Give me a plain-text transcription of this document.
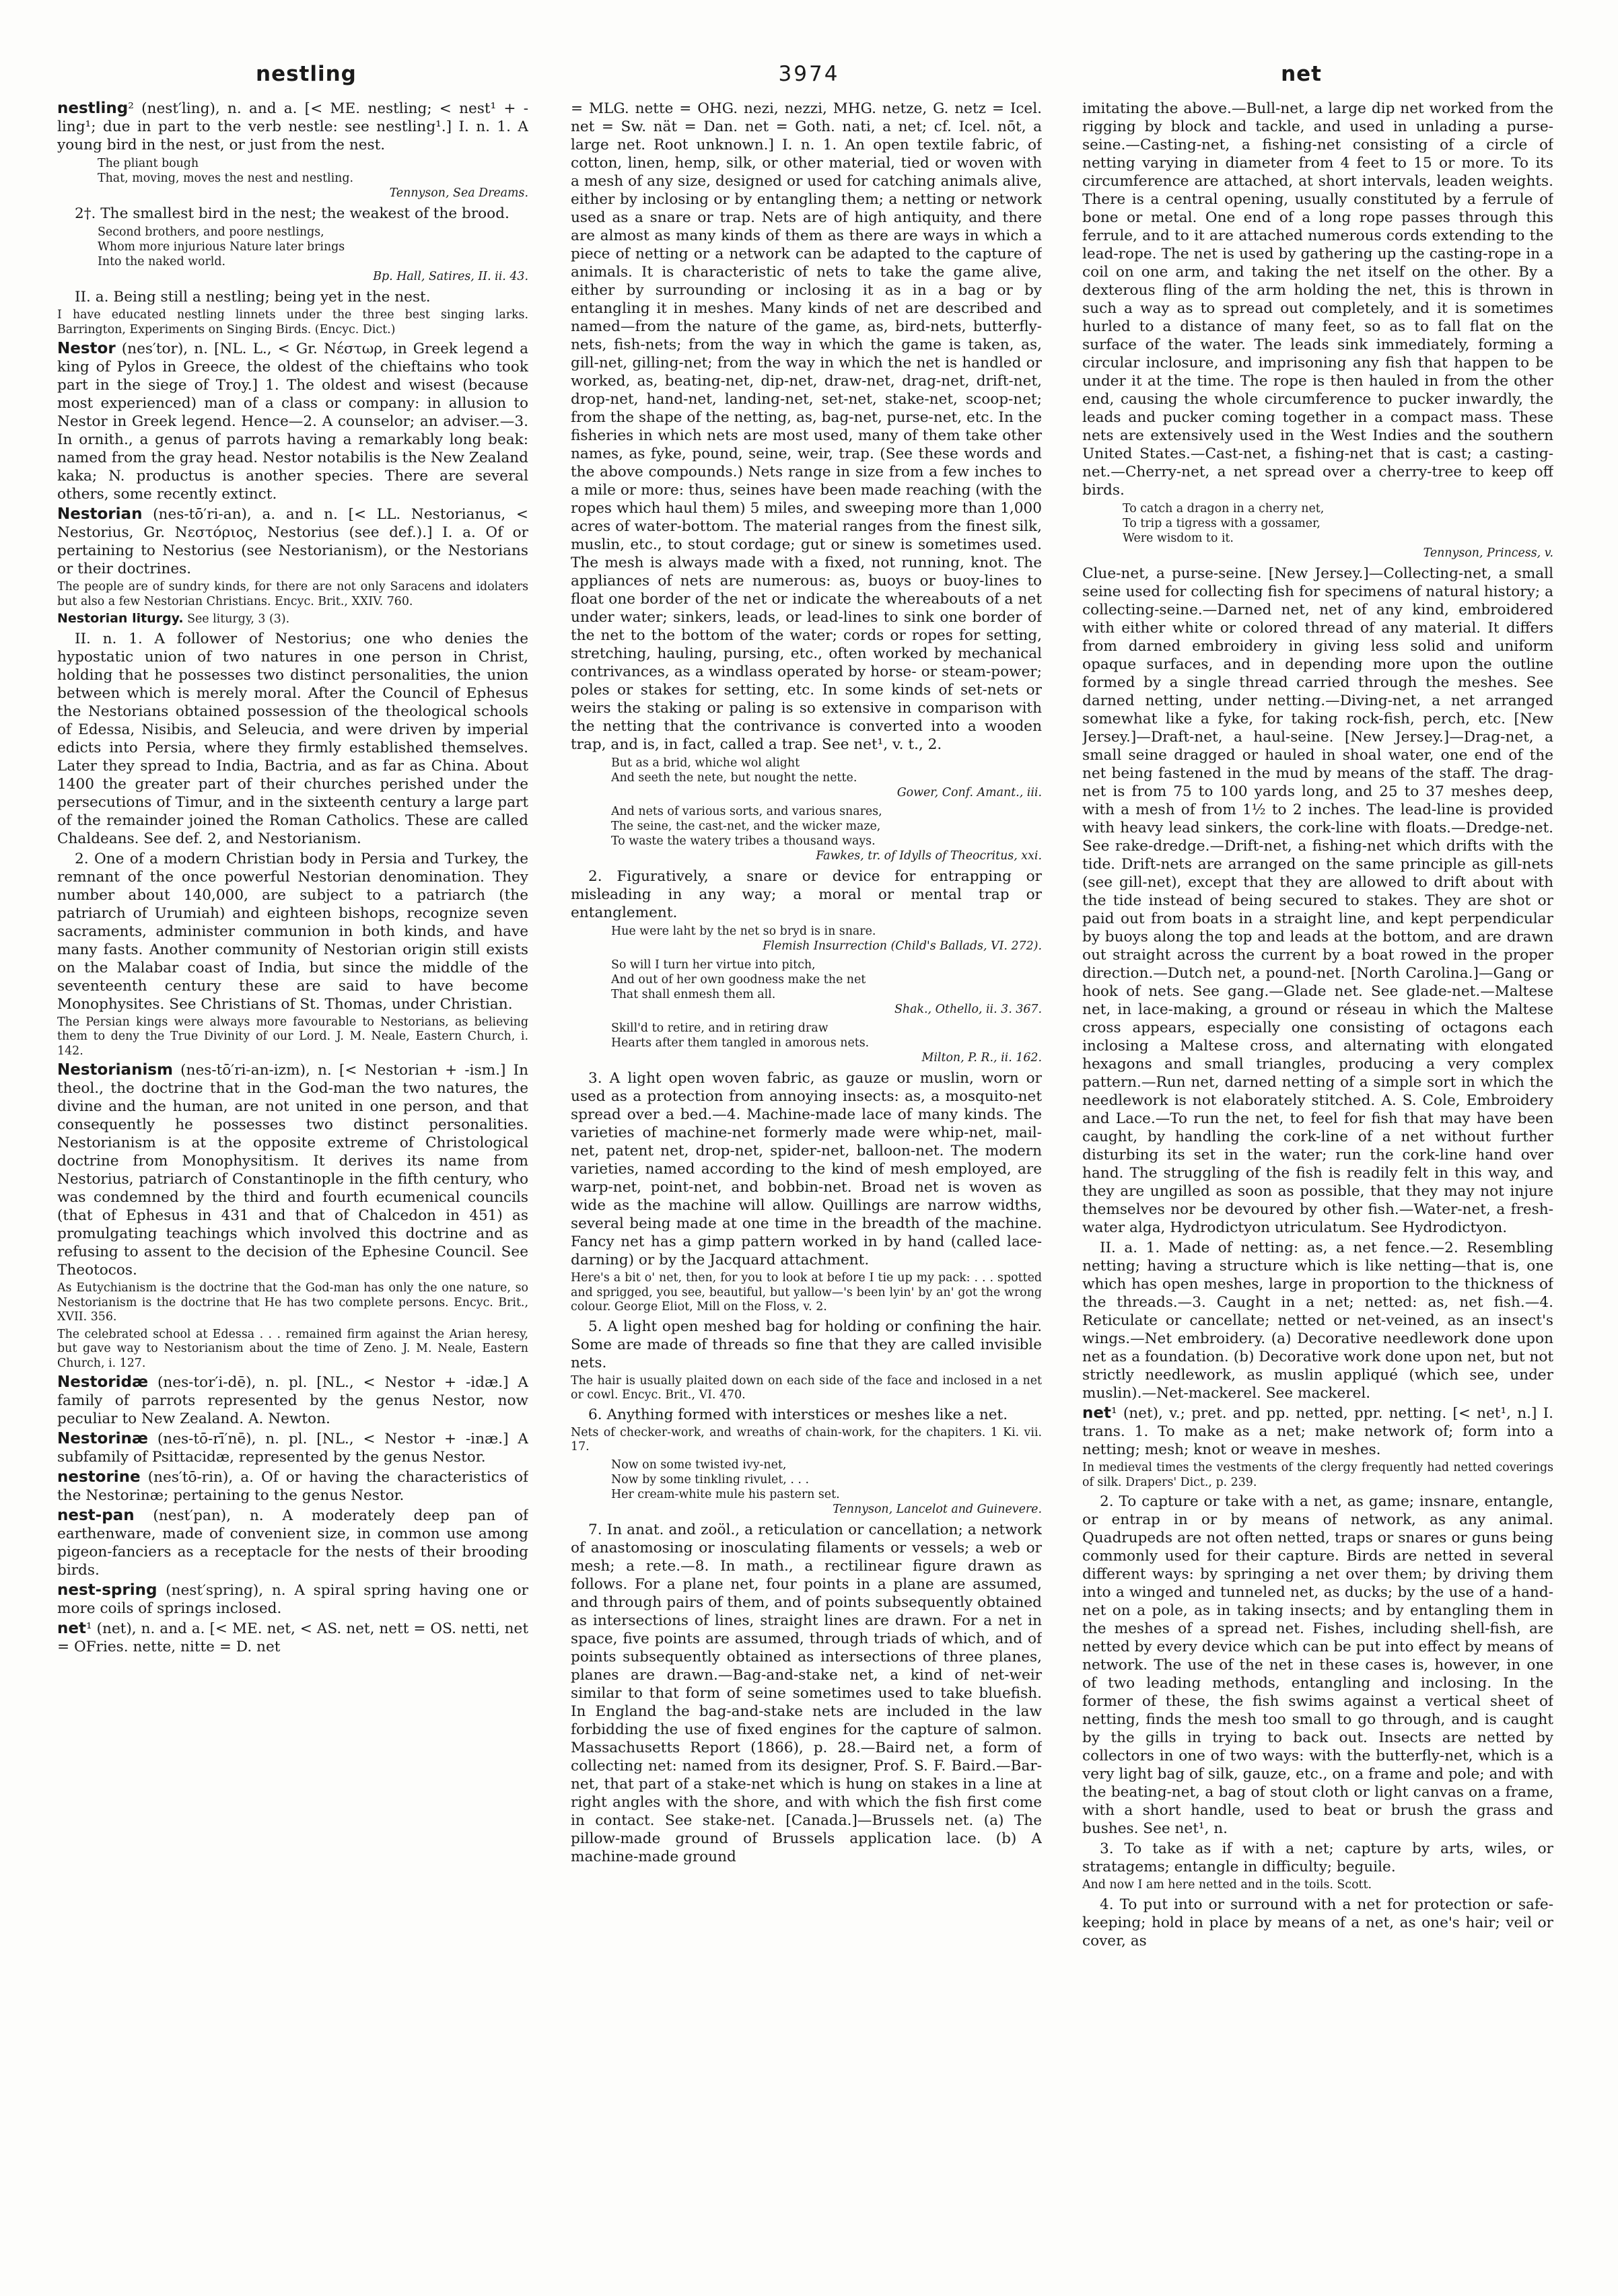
nestling	3974	net

nestling² (nest′ling), n. and a. [< ME. nestling; < nest¹ + -ling¹; due in part to the verb nestle: see nestling¹.] I. n. 1. A young bird in the nest, or just from the nest.

The pliant bough
That, moving, moves the nest and nestling.
Tennyson, Sea Dreams.

2†. The smallest bird in the nest; the weakest of the brood.

Second brothers, and poore nestlings,
Whom more injurious Nature later brings
Into the naked world.
Bp. Hall, Satires, II. ii. 43.

II. a. Being still a nestling; being yet in the nest.

I have educated nestling linnets under the three best singing larks. Barrington, Experiments on Singing Birds. (Encyc. Dict.)

Nestor (nes′tor), n. [NL. L., < Gr. Νέστωρ, in Greek legend a king of Pylos in Greece, the oldest of the chieftains who took part in the siege of Troy.] 1. The oldest and wisest (because most experienced) man of a class or company: in allusion to Nestor in Greek legend. Hence—2. A counselor; an adviser.—3. In ornith., a genus of parrots having a remarkably long beak: named from the gray head. Nestor notabilis is the New Zealand kaka; N. productus is another species. There are several others, some recently extinct.

Nestorian (nes-tō′ri-an), a. and n. [< LL. Nestorianus, < Nestorius, Gr. Νεστόριος, Nestorius (see def.).] I. a. Of or pertaining to Nestorius (see Nestorianism), or the Nestorians or their doctrines.

The people are of sundry kinds, for there are not only Saracens and idolaters but also a few Nestorian Christians. Encyc. Brit., XXIV. 760.

Nestorian liturgy. See liturgy, 3 (3).

II. n. 1. A follower of Nestorius; one who denies the hypostatic union of two natures in one person in Christ, holding that he possesses two distinct personalities, the union between which is merely moral. After the Council of Ephesus the Nestorians obtained possession of the theological schools of Edessa, Nisibis, and Seleucia, and were driven by imperial edicts into Persia, where they firmly established themselves. Later they spread to India, Bactria, and as far as China. About 1400 the greater part of their churches perished under the persecutions of Timur, and in the sixteenth century a large part of the remainder joined the Roman Catholics. These are called Chaldeans. See def. 2, and Nestorianism.

2. One of a modern Christian body in Persia and Turkey, the remnant of the once powerful Nestorian denomination. They number about 140,000, are subject to a patriarch (the patriarch of Urumiah) and eighteen bishops, recognize seven sacraments, administer communion in both kinds, and have many fasts. Another community of Nestorian origin still exists on the Malabar coast of India, but since the middle of the seventeenth century these are said to have become Monophysites. See Christians of St. Thomas, under Christian.

The Persian kings were always more favourable to Nestorians, as believing them to deny the True Divinity of our Lord. J. M. Neale, Eastern Church, i. 142.

Nestorianism (nes-tō′ri-an-izm), n. [< Nestorian + -ism.] In theol., the doctrine that in the God-man the two natures, the divine and the human, are not united in one person, and that consequently he possesses two distinct personalities. Nestorianism is at the opposite extreme of Christological doctrine from Monophysitism. It derives its name from Nestorius, patriarch of Constantinople in the fifth century, who was condemned by the third and fourth ecumenical councils (that of Ephesus in 431 and that of Chalcedon in 451) as promulgating teachings which involved this doctrine and as refusing to assent to the decision of the Ephesine Council. See Theotocos.

As Eutychianism is the doctrine that the God-man has only the one nature, so Nestorianism is the doctrine that He has two complete persons. Encyc. Brit., XVII. 356.

The celebrated school at Edessa . . . remained firm against the Arian heresy, but gave way to Nestorianism about the time of Zeno. J. M. Neale, Eastern Church, i. 127.

Nestoridæ (nes-tor′i-dē), n. pl. [NL., < Nestor + -idæ.] A family of parrots represented by the genus Nestor, now peculiar to New Zealand. A. Newton.

Nestorinæ (nes-tō-rī′nē), n. pl. [NL., < Nestor + -inæ.] A subfamily of Psittacidæ, represented by the genus Nestor.

nestorine (nes′tō-rin), a. Of or having the characteristics of the Nestorinæ; pertaining to the genus Nestor.

nest-pan (nest′pan), n. A moderately deep pan of earthenware, made of convenient size, in common use among pigeon-fanciers as a receptacle for the nests of their brooding birds.

nest-spring (nest′spring), n. A spiral spring having one or more coils of springs inclosed.

net¹ (net), n. and a. [< ME. net, < AS. net, nett = OS. netti, net = OFries. nette, nitte = D. net

= MLG. nette = OHG. nezi, nezzi, MHG. netze, G. netz = Icel. net = Sw. nät = Dan. net = Goth. nati, a net; cf. Icel. nōt, a large net. Root unknown.] I. n. 1. An open textile fabric, of cotton, linen, hemp, silk, or other material, tied or woven with a mesh of any size, designed or used for catching animals alive, either by inclosing or by entangling them; a netting or network used as a snare or trap. Nets are of high antiquity, and there are almost as many kinds of them as there are ways in which a piece of netting or a network can be adapted to the capture of animals. It is characteristic of nets to take the game alive, either by surrounding or inclosing it as in a bag or by entangling it in meshes. Many kinds of net are described and named—from the nature of the game, as, bird-nets, butterfly-nets, fish-nets; from the way in which the game is taken, as, gill-net, gilling-net; from the way in which the net is handled or worked, as, beating-net, dip-net, draw-net, drag-net, drift-net, drop-net, hand-net, landing-net, set-net, stake-net, scoop-net; from the shape of the netting, as, bag-net, purse-net, etc. In the fisheries in which nets are most used, many of them take other names, as fyke, pound, seine, weir, trap. (See these words and the above compounds.) Nets range in size from a few inches to a mile or more: thus, seines have been made reaching (with the ropes which haul them) 5 miles, and sweeping more than 1,000 acres of water-bottom. The material ranges from the finest silk, muslin, etc., to stout cordage; gut or sinew is sometimes used. The mesh is always made with a fixed, not running, knot. The appliances of nets are numerous: as, buoys or buoy-lines to float one border of the net or indicate the whereabouts of a net under water; sinkers, leads, or lead-lines to sink one border of the net to the bottom of the water; cords or ropes for setting, stretching, hauling, pursing, etc., often worked by mechanical contrivances, as a windlass operated by horse- or steam-power; poles or stakes for setting, etc. In some kinds of set-nets or weirs the staking or paling is so extensive in comparison with the netting that the contrivance is converted into a wooden trap, and is, in fact, called a trap. See net¹, v. t., 2.

But as a brid, whiche wol alight
And seeth the nete, but nought the nette.
Gower, Conf. Amant., iii.
And nets of various sorts, and various snares,
The seine, the cast-net, and the wicker maze,
To waste the watery tribes a thousand ways.
Fawkes, tr. of Idylls of Theocritus, xxi.

2. Figuratively, a snare or device for entrapping or misleading in any way; a moral or mental trap or entanglement.

Hue were laht by the net so bryd is in snare.
Flemish Insurrection (Child's Ballads, VI. 272).
So will I turn her virtue into pitch,
And out of her own goodness make the net
That shall enmesh them all.
Shak., Othello, ii. 3. 367.
Skill'd to retire, and in retiring draw
Hearts after them tangled in amorous nets.
Milton, P. R., ii. 162.

3. A light open woven fabric, as gauze or muslin, worn or used as a protection from annoying insects: as, a mosquito-net spread over a bed.—4. Machine-made lace of many kinds. The varieties of machine-net formerly made were whip-net, mail-net, patent net, drop-net, spider-net, balloon-net. The modern varieties, named according to the kind of mesh employed, are warp-net, point-net, and bobbin-net. Broad net is woven as wide as the machine will allow. Quillings are narrow widths, several being made at one time in the breadth of the machine. Fancy net has a gimp pattern worked in by hand (called lace-darning) or by the Jacquard attachment.

Here's a bit o' net, then, for you to look at before I tie up my pack: . . . spotted and sprigged, you see, beautiful, but yallow—'s been lyin' by an' got the wrong colour. George Eliot, Mill on the Floss, v. 2.

5. A light open meshed bag for holding or confining the hair. Some are made of threads so fine that they are called invisible nets.

The hair is usually plaited down on each side of the face and inclosed in a net or cowl. Encyc. Brit., VI. 470.

6. Anything formed with interstices or meshes like a net.

Nets of checker-work, and wreaths of chain-work, for the chapiters. 1 Ki. vii. 17.

Now on some twisted ivy-net,
Now by some tinkling rivulet, . . .
Her cream-white mule his pastern set.
Tennyson, Lancelot and Guinevere.

7. In anat. and zoöl., a reticulation or cancellation; a network of anastomosing or inosculating filaments or vessels; a web or mesh; a rete.—8. In math., a rectilinear figure drawn as follows. For a plane net, four points in a plane are assumed, and through pairs of them, and of points subsequently obtained as intersections of lines, straight lines are drawn. For a net in space, five points are assumed, through triads of which, and of points subsequently obtained as intersections of three planes, planes are drawn.—Bag-and-stake net, a kind of net-weir similar to that form of seine sometimes used to take bluefish. In England the bag-and-stake nets are included in the law forbidding the use of fixed engines for the capture of salmon. Massachusetts Report (1866), p. 28.—Baird net, a form of collecting net: named from its designer, Prof. S. F. Baird.—Bar-net, that part of a stake-net which is hung on stakes in a line at right angles with the shore, and with which the fish first come in contact. See stake-net. [Canada.]—Brussels net. (a) The pillow-made ground of Brussels application lace. (b) A machine-made ground

imitating the above.—Bull-net, a large dip net worked from the rigging by block and tackle, and used in unlading a purse-seine.—Casting-net, a fishing-net consisting of a circle of netting varying in diameter from 4 feet to 15 or more. To its circumference are attached, at short intervals, leaden weights. There is a central opening, usually constituted by a ferrule of bone or metal. One end of a long rope passes through this ferrule, and to it are attached numerous cords extending to the lead-rope. The net is used by gathering up the casting-rope in a coil on one arm, and taking the net itself on the other. By a dexterous fling of the arm holding the net, this is thrown in such a way as to spread out completely, and it is sometimes hurled to a distance of many feet, so as to fall flat on the surface of the water. The leads sink immediately, forming a circular inclosure, and imprisoning any fish that happen to be under it at the time. The rope is then hauled in from the other end, causing the whole circumference to pucker inwardly, the leads and pucker coming together in a compact mass. These nets are extensively used in the West Indies and the southern United States.—Cast-net, a fishing-net that is cast; a casting-net.—Cherry-net, a net spread over a cherry-tree to keep off birds.

To catch a dragon in a cherry net,
To trip a tigress with a gossamer,
Were wisdom to it.
Tennyson, Princess, v.

Clue-net, a purse-seine. [New Jersey.]—Collecting-net, a small seine used for collecting fish for specimens of natural history; a collecting-seine.—Darned net, net of any kind, embroidered with either white or colored thread of any material. It differs from darned embroidery in giving less solid and uniform opaque surfaces, and in depending more upon the outline formed by a single thread carried through the meshes. See darned netting, under netting.—Diving-net, a net arranged somewhat like a fyke, for taking rock-fish, perch, etc. [New Jersey.]—Draft-net, a haul-seine. [New Jersey.]—Drag-net, a small seine dragged or hauled in shoal water, one end of the net being fastened in the mud by means of the staff. The drag-net is from 75 to 100 yards long, and 25 to 37 meshes deep, with a mesh of from 1½ to 2 inches. The lead-line is provided with heavy lead sinkers, the cork-line with floats.—Dredge-net. See rake-dredge.—Drift-net, a fishing-net which drifts with the tide. Drift-nets are arranged on the same principle as gill-nets (see gill-net), except that they are allowed to drift about with the tide instead of being secured to stakes. They are shot or paid out from boats in a straight line, and kept perpendicular by buoys along the top and leads at the bottom, and are drawn out straight across the current by a boat rowed in the proper direction.—Dutch net, a pound-net. [North Carolina.]—Gang or hook of nets. See gang.—Glade net. See glade-net.—Maltese net, in lace-making, a ground or réseau in which the Maltese cross appears, especially one consisting of octagons each inclosing a Maltese cross, and alternating with elongated hexagons and small triangles, producing a very complex pattern.—Run net, darned netting of a simple sort in which the needlework is not elaborately stitched. A. S. Cole, Embroidery and Lace.—To run the net, to feel for fish that may have been caught, by handling the cork-line of a net without further disturbing its set in the water; run the cork-line hand over hand. The struggling of the fish is readily felt in this way, and they are ungilled as soon as possible, that they may not injure themselves nor be devoured by other fish.—Water-net, a fresh-water alga, Hydrodictyon utriculatum. See Hydrodictyon.

II. a. 1. Made of netting: as, a net fence.—2. Resembling netting; having a structure which is like netting—that is, one which has open meshes, large in proportion to the thickness of the threads.—3. Caught in a net; netted: as, net fish.—4. Reticulate or cancellate; netted or net-veined, as an insect's wings.—Net embroidery. (a) Decorative needlework done upon net as a foundation. (b) Decorative work done upon net, but not strictly needlework, as muslin appliqué (which see, under muslin).—Net-mackerel. See mackerel.

net¹ (net), v.; pret. and pp. netted, ppr. netting. [< net¹, n.] I. trans. 1. To make as a net; make network of; form into a netting; mesh; knot or weave in meshes.

In medieval times the vestments of the clergy frequently had netted coverings of silk. Drapers' Dict., p. 239.

2. To capture or take with a net, as game; insnare, entangle, or entrap in or by means of network, as any animal. Quadrupeds are not often netted, traps or snares or guns being commonly used for their capture. Birds are netted in several different ways: by springing a net over them; by driving them into a winged and tunneled net, as ducks; by the use of a hand-net on a pole, as in taking insects; and by entangling them in the meshes of a spread net. Fishes, including shell-fish, are netted by every device which can be put into effect by means of network. The use of the net in these cases is, however, in one of two leading methods, entangling and inclosing. In the former of these, the fish swims against a vertical sheet of netting, finds the mesh too small to go through, and is caught by the gills in trying to back out. Insects are netted by collectors in one of two ways: with the butterfly-net, which is a very light bag of silk, gauze, etc., on a frame and pole; and with the beating-net, a bag of stout cloth or light canvas on a frame, with a short handle, used to beat or brush the grass and bushes. See net¹, n.

3. To take as if with a net; capture by arts, wiles, or stratagems; entangle in difficulty; beguile.

And now I am here netted and in the toils. Scott.

4. To put into or surround with a net for protection or safe-keeping; hold in place by means of a net, as one's hair; veil or cover, as
